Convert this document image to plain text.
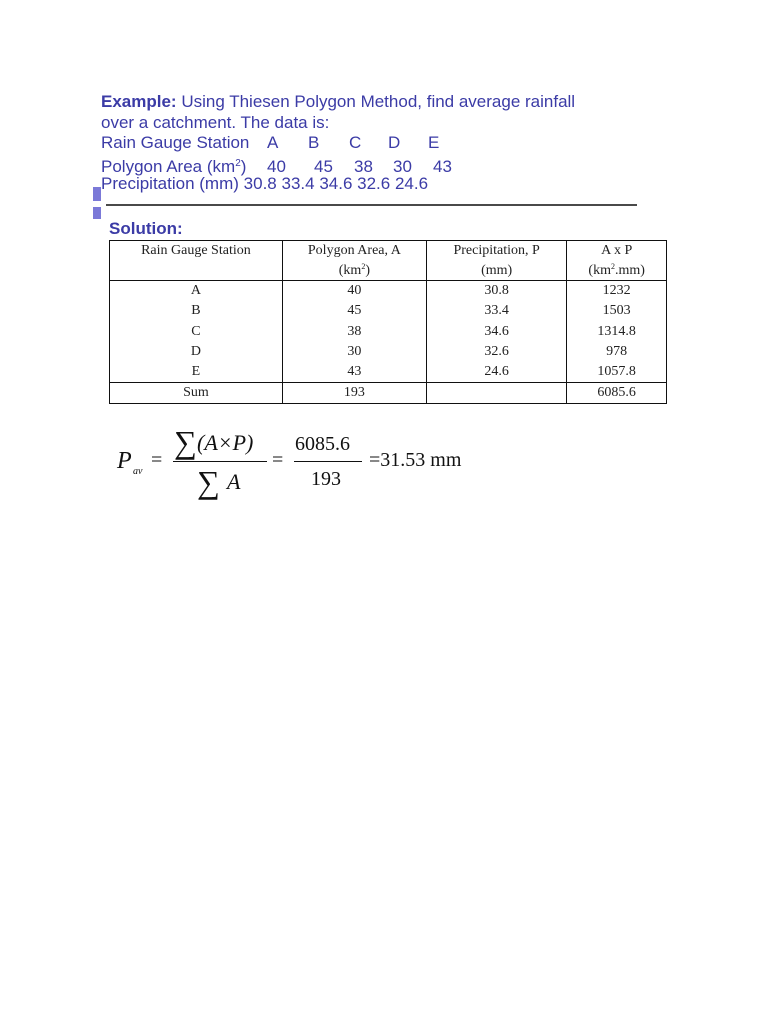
Example: Using Thiesen Polygon Method, find average rainfall
over a catchment. The data is:
Rain Gauge Station A B C D E
Polygon Area $(km^2)$ 40 45 38 30 43
Precipitation (mm) 30.8 33.4 34.6 32.6 24.6
Solution:
Rain Gauge Station	Polygon Area, A	Precipitation, P	A x P
	$(km^2)$	(mm)	$(km^2.mm)$
A	40	30.8	1232
B	45	33.4	1503
C	38	34.6	1314.8
D	30	32.6	978
E	43	24.6	1057.8
Sum	193		6085.6
P av
= ∑ (A×P)
∑ A
=
6085.6
193
=31.53 mm
